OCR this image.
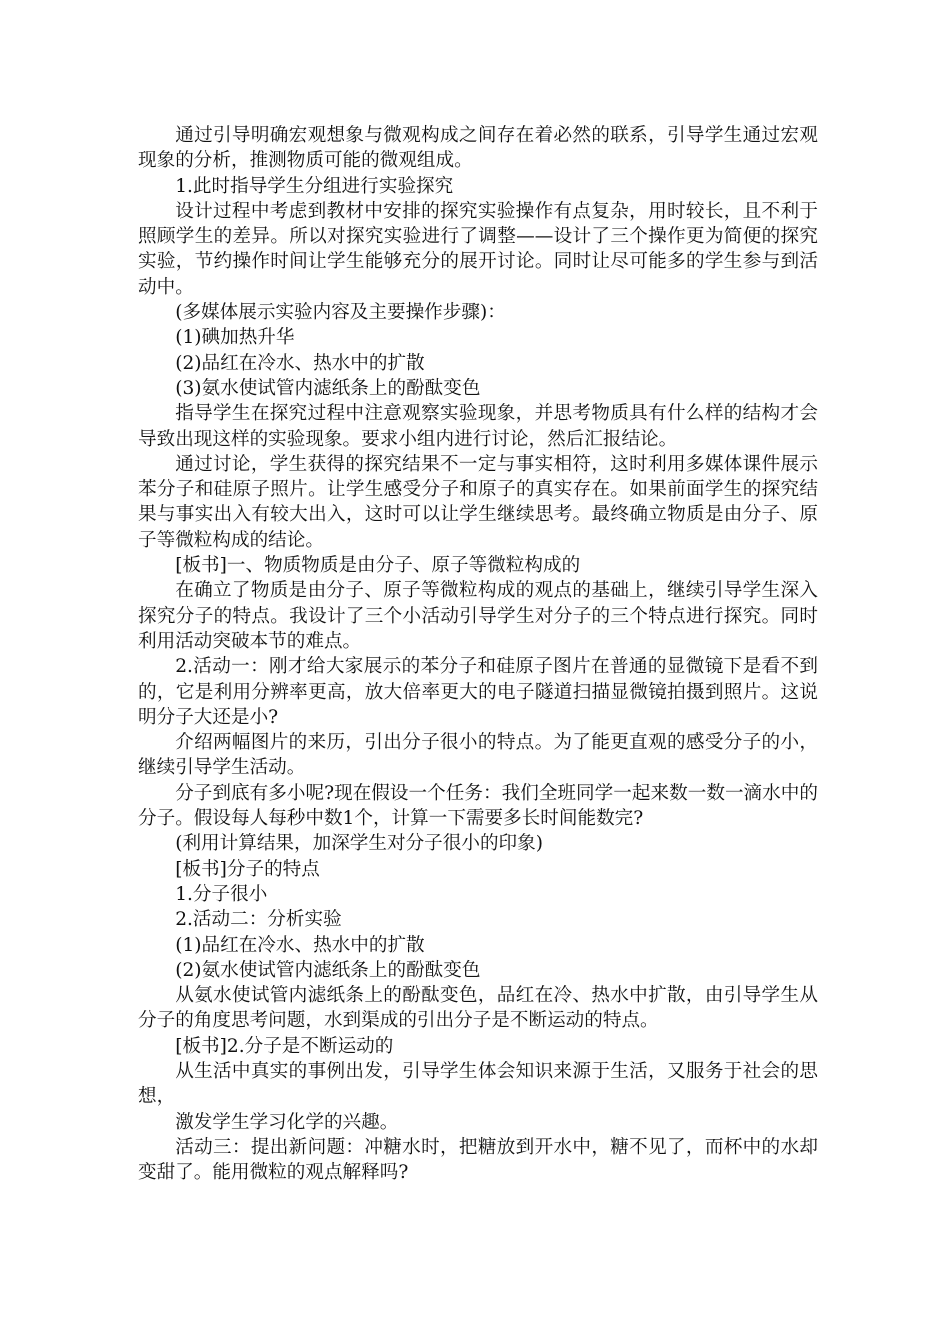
通过引导明确宏观想象与微观构成之间存在着必然的联系，引导学生通过宏观现象的分析，推测物质可能的微观组成。

1.此时指导学生分组进行实验探究

设计过程中考虑到教材中安排的探究实验操作有点复杂，用时较长，且不利于照顾学生的差异。所以对探究实验进行了调整——设计了三个操作更为简便的探究实验，节约操作时间让学生能够充分的展开讨论。同时让尽可能多的学生参与到活动中。

(多媒体展示实验内容及主要操作步骤)：

(1)碘加热升华

(2)品红在冷水、热水中的扩散

(3)氨水使试管内滤纸条上的酚酞变色

指导学生在探究过程中注意观察实验现象，并思考物质具有什么样的结构才会导致出现这样的实验现象。要求小组内进行讨论，然后汇报结论。

通过讨论，学生获得的探究结果不一定与事实相符，这时利用多媒体课件展示苯分子和硅原子照片。让学生感受分子和原子的真实存在。如果前面学生的探究结果与事实出入有较大出入，这时可以让学生继续思考。最终确立物质是由分子、原子等微粒构成的结论。

[板书]一、物质物质是由分子、原子等微粒构成的

在确立了物质是由分子、原子等微粒构成的观点的基础上，继续引导学生深入探究分子的特点。我设计了三个小活动引导学生对分子的三个特点进行探究。同时利用活动突破本节的难点。

2.活动一：刚才给大家展示的苯分子和硅原子图片在普通的显微镜下是看不到的，它是利用分辨率更高，放大倍率更大的电子隧道扫描显微镜拍摄到照片。这说明分子大还是小?

介绍两幅图片的来历，引出分子很小的特点。为了能更直观的感受分子的小，继续引导学生活动。

分子到底有多小呢?现在假设一个任务：我们全班同学一起来数一数一滴水中的分子。假设每人每秒中数1个，计算一下需要多长时间能数完?

(利用计算结果，加深学生对分子很小的印象)

[板书]分子的特点

1.分子很小

2.活动二：分析实验

(1)品红在冷水、热水中的扩散

(2)氨水使试管内滤纸条上的酚酞变色

从氨水使试管内滤纸条上的酚酞变色，品红在冷、热水中扩散，由引导学生从分子的角度思考问题，水到渠成的引出分子是不断运动的特点。

[板书]2.分子是不断运动的

从生活中真实的事例出发，引导学生体会知识来源于生活，又服务于社会的思想，

激发学生学习化学的兴趣。

活动三：提出新问题：冲糖水时，把糖放到开水中，糖不见了，而杯中的水却变甜了。能用微粒的观点解释吗?
